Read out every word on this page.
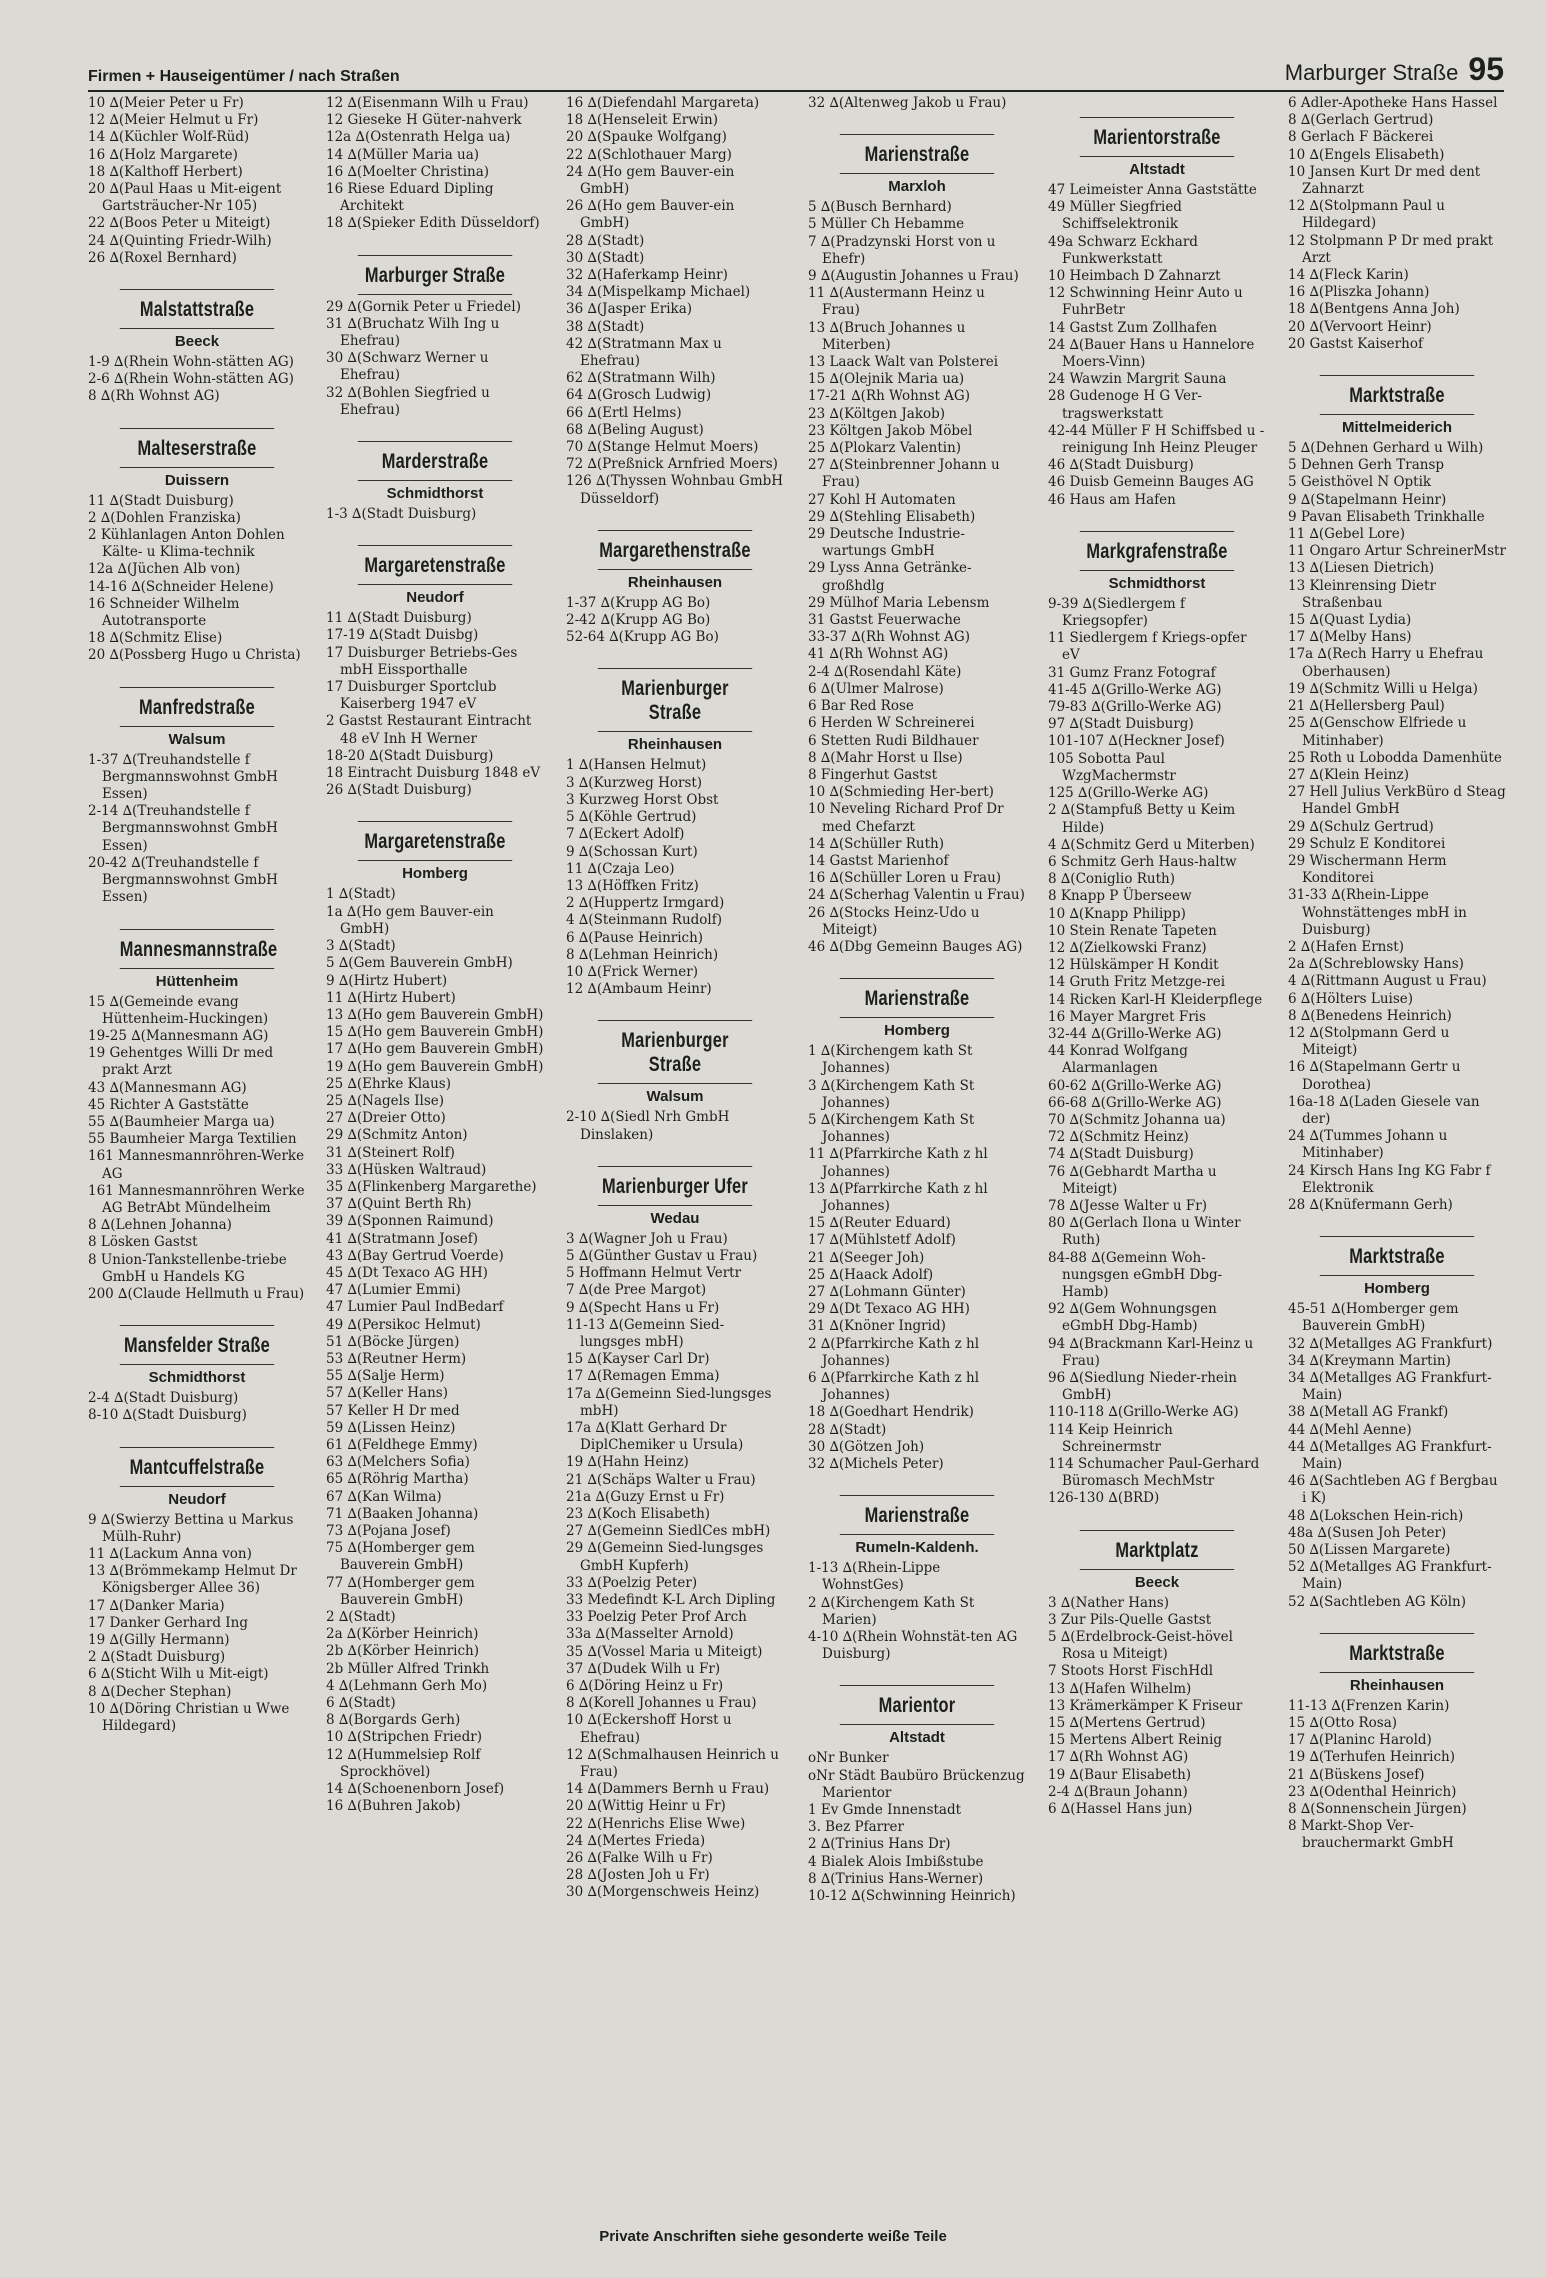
Firmen + Hauseigentümer / nach Straßen	Marburger Straße 95
10 ∆(Meier Peter u Fr)
12 ∆(Meier Helmut u Fr)
14 ∆(Küchler Wolf-Rüd)
16 ∆(Holz Margarete)
18 ∆(Kalthoff Herbert)
20 ∆(Paul Haas u Mit-eigent Gartsträucher-Nr 105)
22 ∆(Boos Peter u Miteigt)
24 ∆(Quinting Friedr-Wilh)
26 ∆(Roxel Bernhard)
Malstattstraße
Beeck
1-9 ∆(Rhein Wohn-stätten AG)
2-6 ∆(Rhein Wohn-stätten AG)
8 ∆(Rh Wohnst AG)
Malteserstraße
Duissern
11 ∆(Stadt Duisburg)
2 ∆(Dohlen Franziska)
2 Kühlanlagen Anton Dohlen Kälte- u Klima-technik
12a ∆(Jüchen Alb von)
14-16 ∆(Schneider Helene)
16 Schneider Wilhelm Autotransporte
18 ∆(Schmitz Elise)
20 ∆(Possberg Hugo u Christa)
Manfredstraße
Walsum
1-37 ∆(Treuhandstelle f Bergmannswohnst GmbH Essen)
2-14 ∆(Treuhandstelle f Bergmannswohnst GmbH Essen)
20-42 ∆(Treuhandstelle f Bergmannswohnst GmbH Essen)
Mannesmannstraße
Hüttenheim
15 ∆(Gemeinde evang Hüttenheim-Huckingen)
19-25 ∆(Mannesmann AG)
19 Gehentges Willi Dr med prakt Arzt
43 ∆(Mannesmann AG)
45 Richter A Gaststätte
55 ∆(Baumheier Marga ua)
55 Baumheier Marga Textilien
161 Mannesmannröhren-Werke AG
161 Mannesmannröhren Werke AG BetrAbt Mündelheim
8 ∆(Lehnen Johanna)
8 Lösken Gastst
8 Union-Tankstellenbe-triebe GmbH u Handels KG
200 ∆(Claude Hellmuth u Frau)
Mansfelder Straße
Schmidthorst
2-4 ∆(Stadt Duisburg)
8-10 ∆(Stadt Duisburg)
Mantcuffelstraße
Neudorf
9 ∆(Swierzy Bettina u Markus Mülh-Ruhr)
11 ∆(Lackum Anna von)
13 ∆(Brömmekamp Helmut Dr Königsberger Allee 36)
17 ∆(Danker Maria)
17 Danker Gerhard Ing
19 ∆(Gilly Hermann)
2 ∆(Stadt Duisburg)
6 ∆(Sticht Wilh u Mit-eigt)
8 ∆(Decher Stephan)
10 ∆(Döring Christian u Wwe Hildegard)
12 ∆(Eisenmann Wilh u Frau)
12 Gieseke H Güter-nahverk
12a ∆(Ostenrath Helga ua)
14 ∆(Müller Maria ua)
16 ∆(Moelter Christina)
16 Riese Eduard Dipling Architekt
18 ∆(Spieker Edith Düsseldorf)
Marburger Straße
29 ∆(Gornik Peter u Friedel)
31 ∆(Bruchatz Wilh Ing u Ehefrau)
30 ∆(Schwarz Werner u Ehefrau)
32 ∆(Bohlen Siegfried u Ehefrau)
Marderstraße
Schmidthorst
1-3 ∆(Stadt Duisburg)
Margaretenstraße
Neudorf
11 ∆(Stadt Duisburg)
17-19 ∆(Stadt Duisbg)
17 Duisburger Betriebs-Ges mbH Eissporthalle
17 Duisburger Sportclub Kaiserberg 1947 eV
2 Gastst Restaurant Eintracht 48 eV Inh H Werner
18-20 ∆(Stadt Duisburg)
18 Eintracht Duisburg 1848 eV
26 ∆(Stadt Duisburg)
Margaretenstraße
Homberg
1 ∆(Stadt)
1a ∆(Ho gem Bauver-ein GmbH)
3 ∆(Stadt)
5 ∆(Gem Bauverein GmbH)
9 ∆(Hirtz Hubert)
11 ∆(Hirtz Hubert)
13 ∆(Ho gem Bauverein GmbH)
15 ∆(Ho gem Bauverein GmbH)
17 ∆(Ho gem Bauverein GmbH)
19 ∆(Ho gem Bauverein GmbH)
25 ∆(Ehrke Klaus)
25 ∆(Nagels Ilse)
27 ∆(Dreier Otto)
29 ∆(Schmitz Anton)
31 ∆(Steinert Rolf)
33 ∆(Hüsken Waltraud)
35 ∆(Flinkenberg Margarethe)
37 ∆(Quint Berth Rh)
39 ∆(Sponnen Raimund)
41 ∆(Stratmann Josef)
43 ∆(Bay Gertrud Voerde)
45 ∆(Dt Texaco AG HH)
47 ∆(Lumier Emmi)
47 Lumier Paul IndBedarf
49 ∆(Persikoc Helmut)
51 ∆(Böcke Jürgen)
53 ∆(Reutner Herm)
55 ∆(Salje Herm)
57 ∆(Keller Hans)
57 Keller H Dr med
59 ∆(Lissen Heinz)
61 ∆(Feldhege Emmy)
63 ∆(Melchers Sofia)
65 ∆(Röhrig Martha)
67 ∆(Kan Wilma)
71 ∆(Baaken Johanna)
73 ∆(Pojana Josef)
75 ∆(Homberger gem Bauverein GmbH)
77 ∆(Homberger gem Bauverein GmbH)
2 ∆(Stadt)
2a ∆(Körber Heinrich)
2b ∆(Körber Heinrich)
2b Müller Alfred Trinkh
4 ∆(Lehmann Gerh Mo)
6 ∆(Stadt)
8 ∆(Borgards Gerh)
10 ∆(Stripchen Friedr)
12 ∆(Hummelsiep Rolf Sprockhövel)
14 ∆(Schoenenborn Josef)
16 ∆(Buhren Jakob)
16 ∆(Diefendahl Margareta)
18 ∆(Henseleit Erwin)
20 ∆(Spauke Wolfgang)
22 ∆(Schlothauer Marg)
24 ∆(Ho gem Bauver-ein GmbH)
26 ∆(Ho gem Bauver-ein GmbH)
28 ∆(Stadt)
30 ∆(Stadt)
32 ∆(Haferkamp Heinr)
34 ∆(Mispelkamp Michael)
36 ∆(Jasper Erika)
38 ∆(Stadt)
42 ∆(Stratmann Max u Ehefrau)
62 ∆(Stratmann Wilh)
64 ∆(Grosch Ludwig)
66 ∆(Ertl Helms)
68 ∆(Beling August)
70 ∆(Stange Helmut Moers)
72 ∆(Preßnick Arnfried Moers)
126 ∆(Thyssen Wohnbau GmbH Düsseldorf)
Margarethenstraße
Rheinhausen
1-37 ∆(Krupp AG Bo)
2-42 ∆(Krupp AG Bo)
52-64 ∆(Krupp AG Bo)
Marienburger Straße
Rheinhausen
1 ∆(Hansen Helmut)
3 ∆(Kurzweg Horst)
3 Kurzweg Horst Obst
5 ∆(Köhle Gertrud)
7 ∆(Eckert Adolf)
9 ∆(Schossan Kurt)
11 ∆(Czaja Leo)
13 ∆(Höffken Fritz)
2 ∆(Huppertz Irmgard)
4 ∆(Steinmann Rudolf)
6 ∆(Pause Heinrich)
8 ∆(Lehman Heinrich)
10 ∆(Frick Werner)
12 ∆(Ambaum Heinr)
Marienburger Straße
Walsum
2-10 ∆(Siedl Nrh GmbH Dinslaken)
Marienburger Ufer
Wedau
3 ∆(Wagner Joh u Frau)
5 ∆(Günther Gustav u Frau)
5 Hoffmann Helmut Vertr
7 ∆(de Pree Margot)
9 ∆(Specht Hans u Fr)
11-13 ∆(Gemeinn Sied-lungsges mbH)
15 ∆(Kayser Carl Dr)
17 ∆(Remagen Emma)
17a ∆(Gemeinn Sied-lungsges mbH)
17a ∆(Klatt Gerhard Dr DiplChemiker u Ursula)
19 ∆(Hahn Heinz)
21 ∆(Schäps Walter u Frau)
21a ∆(Guzy Ernst u Fr)
23 ∆(Koch Elisabeth)
27 ∆(Gemeinn SiedlCes mbH)
29 ∆(Gemeinn Sied-lungsges GmbH Kupferh)
33 ∆(Poelzig Peter)
33 Medefindt K-L Arch Dipling
33 Poelzig Peter Prof Arch
33a ∆(Masselter Arnold)
35 ∆(Vossel Maria u Miteigt)
37 ∆(Dudek Wilh u Fr)
6 ∆(Döring Heinz u Fr)
8 ∆(Korell Johannes u Frau)
10 ∆(Eckershoff Horst u Ehefrau)
12 ∆(Schmalhausen Heinrich u Frau)
14 ∆(Dammers Bernh u Frau)
20 ∆(Wittig Heinr u Fr)
22 ∆(Henrichs Elise Wwe)
24 ∆(Mertes Frieda)
26 ∆(Falke Wilh u Fr)
28 ∆(Josten Joh u Fr)
30 ∆(Morgenschweis Heinz)
32 ∆(Altenweg Jakob u Frau)
Marienstraße
Marxloh
5 ∆(Busch Bernhard)
5 Müller Ch Hebamme
7 ∆(Pradzynski Horst von u Ehefr)
9 ∆(Augustin Johannes u Frau)
11 ∆(Austermann Heinz u Frau)
13 ∆(Bruch Johannes u Miterben)
13 Laack Walt van Polsterei
15 ∆(Olejnik Maria ua)
17-21 ∆(Rh Wohnst AG)
23 ∆(Költgen Jakob)
23 Költgen Jakob Möbel
25 ∆(Plokarz Valentin)
27 ∆(Steinbrenner Johann u Frau)
27 Kohl H Automaten
29 ∆(Stehling Elisabeth)
29 Deutsche Industrie-wartungs GmbH
29 Lyss Anna Getränke-großhdlg
29 Mülhof Maria Lebensm
31 Gastst Feuerwache
33-37 ∆(Rh Wohnst AG)
41 ∆(Rh Wohnst AG)
2-4 ∆(Rosendahl Käte)
6 ∆(Ulmer Malrose)
6 Bar Red Rose
6 Herden W Schreinerei
6 Stetten Rudi Bildhauer
8 ∆(Mahr Horst u Ilse)
8 Fingerhut Gastst
10 ∆(Schmieding Her-bert)
10 Neveling Richard Prof Dr med Chefarzt
14 ∆(Schüller Ruth)
14 Gastst Marienhof
16 ∆(Schüller Loren u Frau)
24 ∆(Scherhag Valentin u Frau)
26 ∆(Stocks Heinz-Udo u Miteigt)
46 ∆(Dbg Gemeinn Bauges AG)
Marienstraße
Homberg
1 ∆(Kirchengem kath St Johannes)
3 ∆(Kirchengem Kath St Johannes)
5 ∆(Kirchengem Kath St Johannes)
11 ∆(Pfarrkirche Kath z hl Johannes)
13 ∆(Pfarrkirche Kath z hl Johannes)
15 ∆(Reuter Eduard)
17 ∆(Mühlstetf Adolf)
21 ∆(Seeger Joh)
25 ∆(Haack Adolf)
27 ∆(Lohmann Günter)
29 ∆(Dt Texaco AG HH)
31 ∆(Knöner Ingrid)
2 ∆(Pfarrkirche Kath z hl Johannes)
6 ∆(Pfarrkirche Kath z hl Johannes)
18 ∆(Goedhart Hendrik)
28 ∆(Stadt)
30 ∆(Götzen Joh)
32 ∆(Michels Peter)
Marienstraße
Rumeln-Kaldenh.
1-13 ∆(Rhein-Lippe WohnstGes)
2 ∆(Kirchengem Kath St Marien)
4-10 ∆(Rhein Wohnstät-ten AG Duisburg)
Marientor
Altstadt
oNr Bunker
oNr Städt Baubüro Brückenzug Marientor
1 Ev Gmde Innenstadt
3. Bez Pfarrer
2 ∆(Trinius Hans Dr)
4 Bialek Alois Imbißstube
8 ∆(Trinius Hans-Werner)
10-12 ∆(Schwinning Heinrich)
Marientorstraße
Altstadt
47 Leimeister Anna Gaststätte
49 Müller Siegfried Schiffselektronik
49a Schwarz Eckhard Funkwerkstatt
10 Heimbach D Zahnarzt
12 Schwinning Heinr Auto u FuhrBetr
14 Gastst Zum Zollhafen
24 ∆(Bauer Hans u Hannelore Moers-Vinn)
24 Wawzin Margrit Sauna
28 Gudenoge H G Ver-tragswerkstatt
42-44 Müller F H Schiffsbed u -reinigung Inh Heinz Pleuger
46 ∆(Stadt Duisburg)
46 Duisb Gemeinn Bauges AG
46 Haus am Hafen
Markgrafenstraße
Schmidthorst
9-39 ∆(Siedlergem f Kriegsopfer)
11 Siedlergem f Kriegs-opfer eV
31 Gumz Franz Fotograf
41-45 ∆(Grillo-Werke AG)
79-83 ∆(Grillo-Werke AG)
97 ∆(Stadt Duisburg)
101-107 ∆(Heckner Josef)
105 Sobotta Paul WzgMachermstr
125 ∆(Grillo-Werke AG)
2 ∆(Stampfuß Betty u Keim Hilde)
4 ∆(Schmitz Gerd u Miterben)
6 Schmitz Gerh Haus-haltw
8 ∆(Coniglio Ruth)
8 Knapp P Überseew
10 ∆(Knapp Philipp)
10 Stein Renate Tapeten
12 ∆(Zielkowski Franz)
12 Hülskämper H Kondit
14 Gruth Fritz Metzge-rei
14 Ricken Karl-H Kleiderpflege
16 Mayer Margret Fris
32-44 ∆(Grillo-Werke AG)
44 Konrad Wolfgang Alarmanlagen
60-62 ∆(Grillo-Werke AG)
66-68 ∆(Grillo-Werke AG)
70 ∆(Schmitz Johanna ua)
72 ∆(Schmitz Heinz)
74 ∆(Stadt Duisburg)
76 ∆(Gebhardt Martha u Miteigt)
78 ∆(Jesse Walter u Fr)
80 ∆(Gerlach Ilona u Winter Ruth)
84-88 ∆(Gemeinn Woh-nungsgen eGmbH Dbg-Hamb)
92 ∆(Gem Wohnungsgen eGmbH Dbg-Hamb)
94 ∆(Brackmann Karl-Heinz u Frau)
96 ∆(Siedlung Nieder-rhein GmbH)
110-118 ∆(Grillo-Werke AG)
114 Keip Heinrich Schreinermstr
114 Schumacher Paul-Gerhard Büromasch MechMstr
126-130 ∆(BRD)
Marktplatz
Beeck
3 ∆(Nather Hans)
3 Zur Pils-Quelle Gastst
5 ∆(Erdelbrock-Geist-hövel Rosa u Miteigt)
7 Stoots Horst FischHdl
13 ∆(Hafen Wilhelm)
13 Krämerkämper K Friseur
15 ∆(Mertens Gertrud)
15 Mertens Albert Reinig
17 ∆(Rh Wohnst AG)
19 ∆(Baur Elisabeth)
2-4 ∆(Braun Johann)
6 ∆(Hassel Hans jun)
6 Adler-Apotheke Hans Hassel
8 ∆(Gerlach Gertrud)
8 Gerlach F Bäckerei
10 ∆(Engels Elisabeth)
10 Jansen Kurt Dr med dent Zahnarzt
12 ∆(Stolpmann Paul u Hildegard)
12 Stolpmann P Dr med prakt Arzt
14 ∆(Fleck Karin)
16 ∆(Pliszka Johann)
18 ∆(Bentgens Anna Joh)
20 ∆(Vervoort Heinr)
20 Gastst Kaiserhof
Marktstraße
Mittelmeiderich
5 ∆(Dehnen Gerhard u Wilh)
5 Dehnen Gerh Transp
5 Geisthövel N Optik
9 ∆(Stapelmann Heinr)
9 Pavan Elisabeth Trinkhalle
11 ∆(Gebel Lore)
11 Ongaro Artur SchreinerMstr
13 ∆(Liesen Dietrich)
13 Kleinrensing Dietr Straßenbau
15 ∆(Quast Lydia)
17 ∆(Melby Hans)
17a ∆(Rech Harry u Ehefrau Oberhausen)
19 ∆(Schmitz Willi u Helga)
21 ∆(Hellersberg Paul)
25 ∆(Genschow Elfriede u Mitinhaber)
25 Roth u Lobodda Damenhüte
27 ∆(Klein Heinz)
27 Hell Julius VerkBüro d Steag Handel GmbH
29 ∆(Schulz Gertrud)
29 Schulz E Konditorei
29 Wischermann Herm Konditorei
31-33 ∆(Rhein-Lippe Wohnstättenges mbH in Duisburg)
2 ∆(Hafen Ernst)
2a ∆(Schreblowsky Hans)
4 ∆(Rittmann August u Frau)
6 ∆(Hölters Luise)
8 ∆(Benedens Heinrich)
12 ∆(Stolpmann Gerd u Miteigt)
16 ∆(Stapelmann Gertr u Dorothea)
16a-18 ∆(Laden Giesele van der)
24 ∆(Tummes Johann u Mitinhaber)
24 Kirsch Hans Ing KG Fabr f Elektronik
28 ∆(Knüfermann Gerh)
Marktstraße
Homberg
45-51 ∆(Homberger gem Bauverein GmbH)
32 ∆(Metallges AG Frankfurt)
34 ∆(Kreymann Martin)
34 ∆(Metallges AG Frankfurt-Main)
38 ∆(Metall AG Frankf)
44 ∆(Mehl Aenne)
44 ∆(Metallges AG Frankfurt-Main)
46 ∆(Sachtleben AG f Bergbau i K)
48 ∆(Lokschen Hein-rich)
48a ∆(Susen Joh Peter)
50 ∆(Lissen Margarete)
52 ∆(Metallges AG Frankfurt-Main)
52 ∆(Sachtleben AG Köln)
Marktstraße
Rheinhausen
11-13 ∆(Frenzen Karin)
15 ∆(Otto Rosa)
17 ∆(Planinc Harold)
19 ∆(Terhufen Heinrich)
21 ∆(Büskens Josef)
23 ∆(Odenthal Heinrich)
8 ∆(Sonnenschein Jürgen)
8 Markt-Shop Ver-brauchermarkt GmbH
Private Anschriften siehe gesonderte weiße Teile
